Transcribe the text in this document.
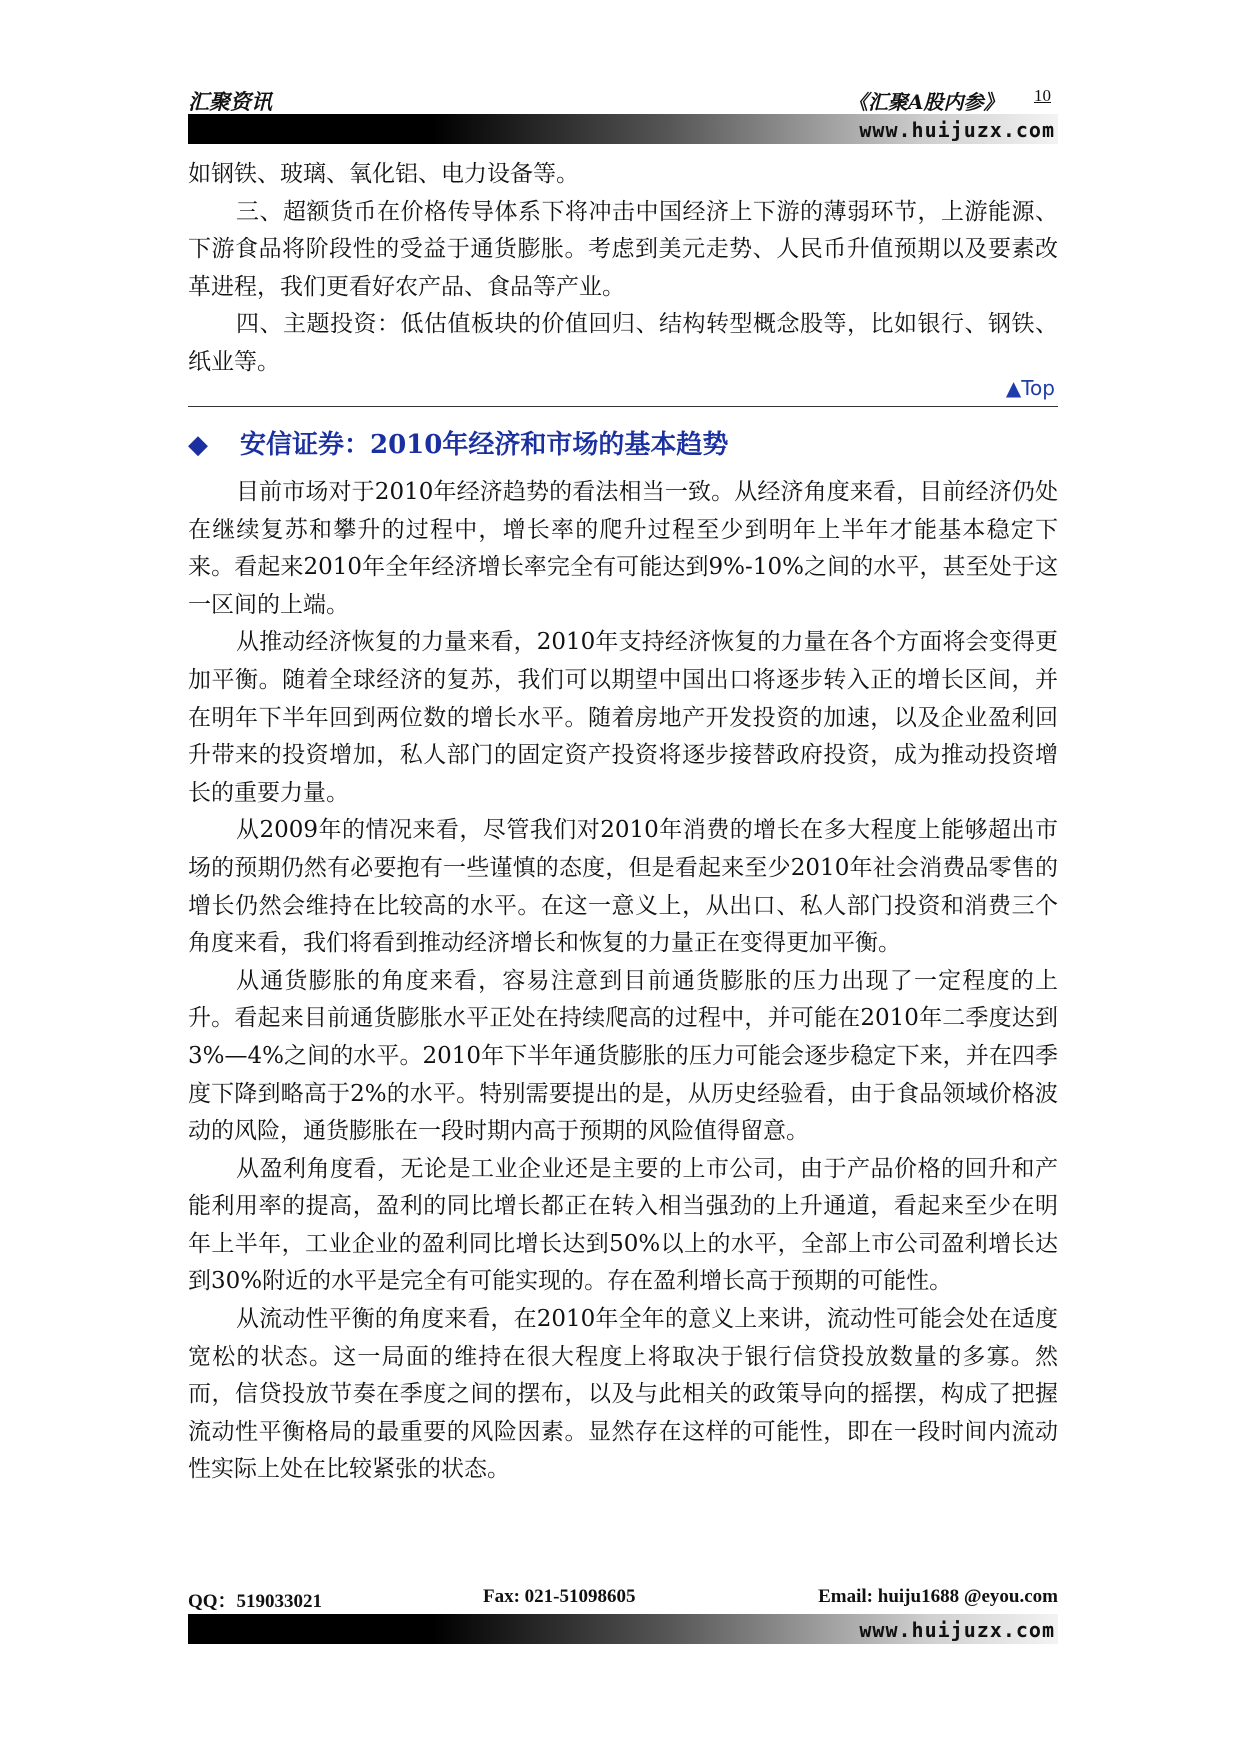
汇聚资讯	《汇聚A股内参》 10
www.huijuzx.com

如钢铁、玻璃、氧化铝、电力设备等。

三、超额货币在价格传导体系下将冲击中国经济上下游的薄弱环节，上游能源、下游食品将阶段性的受益于通货膨胀。考虑到美元走势、人民币升值预期以及要素改革进程，我们更看好农产品、食品等产业。

四、主题投资：低估值板块的价值回归、结构转型概念股等，比如银行、钢铁、纸业等。

▲Top
◆ 安信证券：2010年经济和市场的基本趋势

目前市场对于2010年经济趋势的看法相当一致。从经济角度来看，目前经济仍处在继续复苏和攀升的过程中，增长率的爬升过程至少到明年上半年才能基本稳定下来。看起来2010年全年经济增长率完全有可能达到9%-10%之间的水平，甚至处于这一区间的上端。

从推动经济恢复的力量来看，2010年支持经济恢复的力量在各个方面将会变得更加平衡。随着全球经济的复苏，我们可以期望中国出口将逐步转入正的增长区间，并在明年下半年回到两位数的增长水平。随着房地产开发投资的加速，以及企业盈利回升带来的投资增加，私人部门的固定资产投资将逐步接替政府投资，成为推动投资增长的重要力量。

从2009年的情况来看，尽管我们对2010年消费的增长在多大程度上能够超出市场的预期仍然有必要抱有一些谨慎的态度，但是看起来至少2010年社会消费品零售的增长仍然会维持在比较高的水平。在这一意义上，从出口、私人部门投资和消费三个角度来看，我们将看到推动经济增长和恢复的力量正在变得更加平衡。

从通货膨胀的角度来看，容易注意到目前通货膨胀的压力出现了一定程度的上升。看起来目前通货膨胀水平正处在持续爬高的过程中，并可能在2010年二季度达到3%—4%之间的水平。2010年下半年通货膨胀的压力可能会逐步稳定下来，并在四季度下降到略高于2%的水平。特别需要提出的是，从历史经验看，由于食品领域价格波动的风险，通货膨胀在一段时期内高于预期的风险值得留意。

从盈利角度看，无论是工业企业还是主要的上市公司，由于产品价格的回升和产能利用率的提高，盈利的同比增长都正在转入相当强劲的上升通道，看起来至少在明年上半年，工业企业的盈利同比增长达到50%以上的水平，全部上市公司盈利增长达到30%附近的水平是完全有可能实现的。存在盈利增长高于预期的可能性。

从流动性平衡的角度来看，在2010年全年的意义上来讲，流动性可能会处在适度宽松的状态。这一局面的维持在很大程度上将取决于银行信贷投放数量的多寡。然而，信贷投放节奏在季度之间的摆布，以及与此相关的政策导向的摇摆，构成了把握流动性平衡格局的最重要的风险因素。显然存在这样的可能性，即在一段时间内流动性实际上处在比较紧张的状态。

QQ：519033021	Fax: 021-51098605	Email: huiju1688 @eyou.com
www.huijuzx.com
